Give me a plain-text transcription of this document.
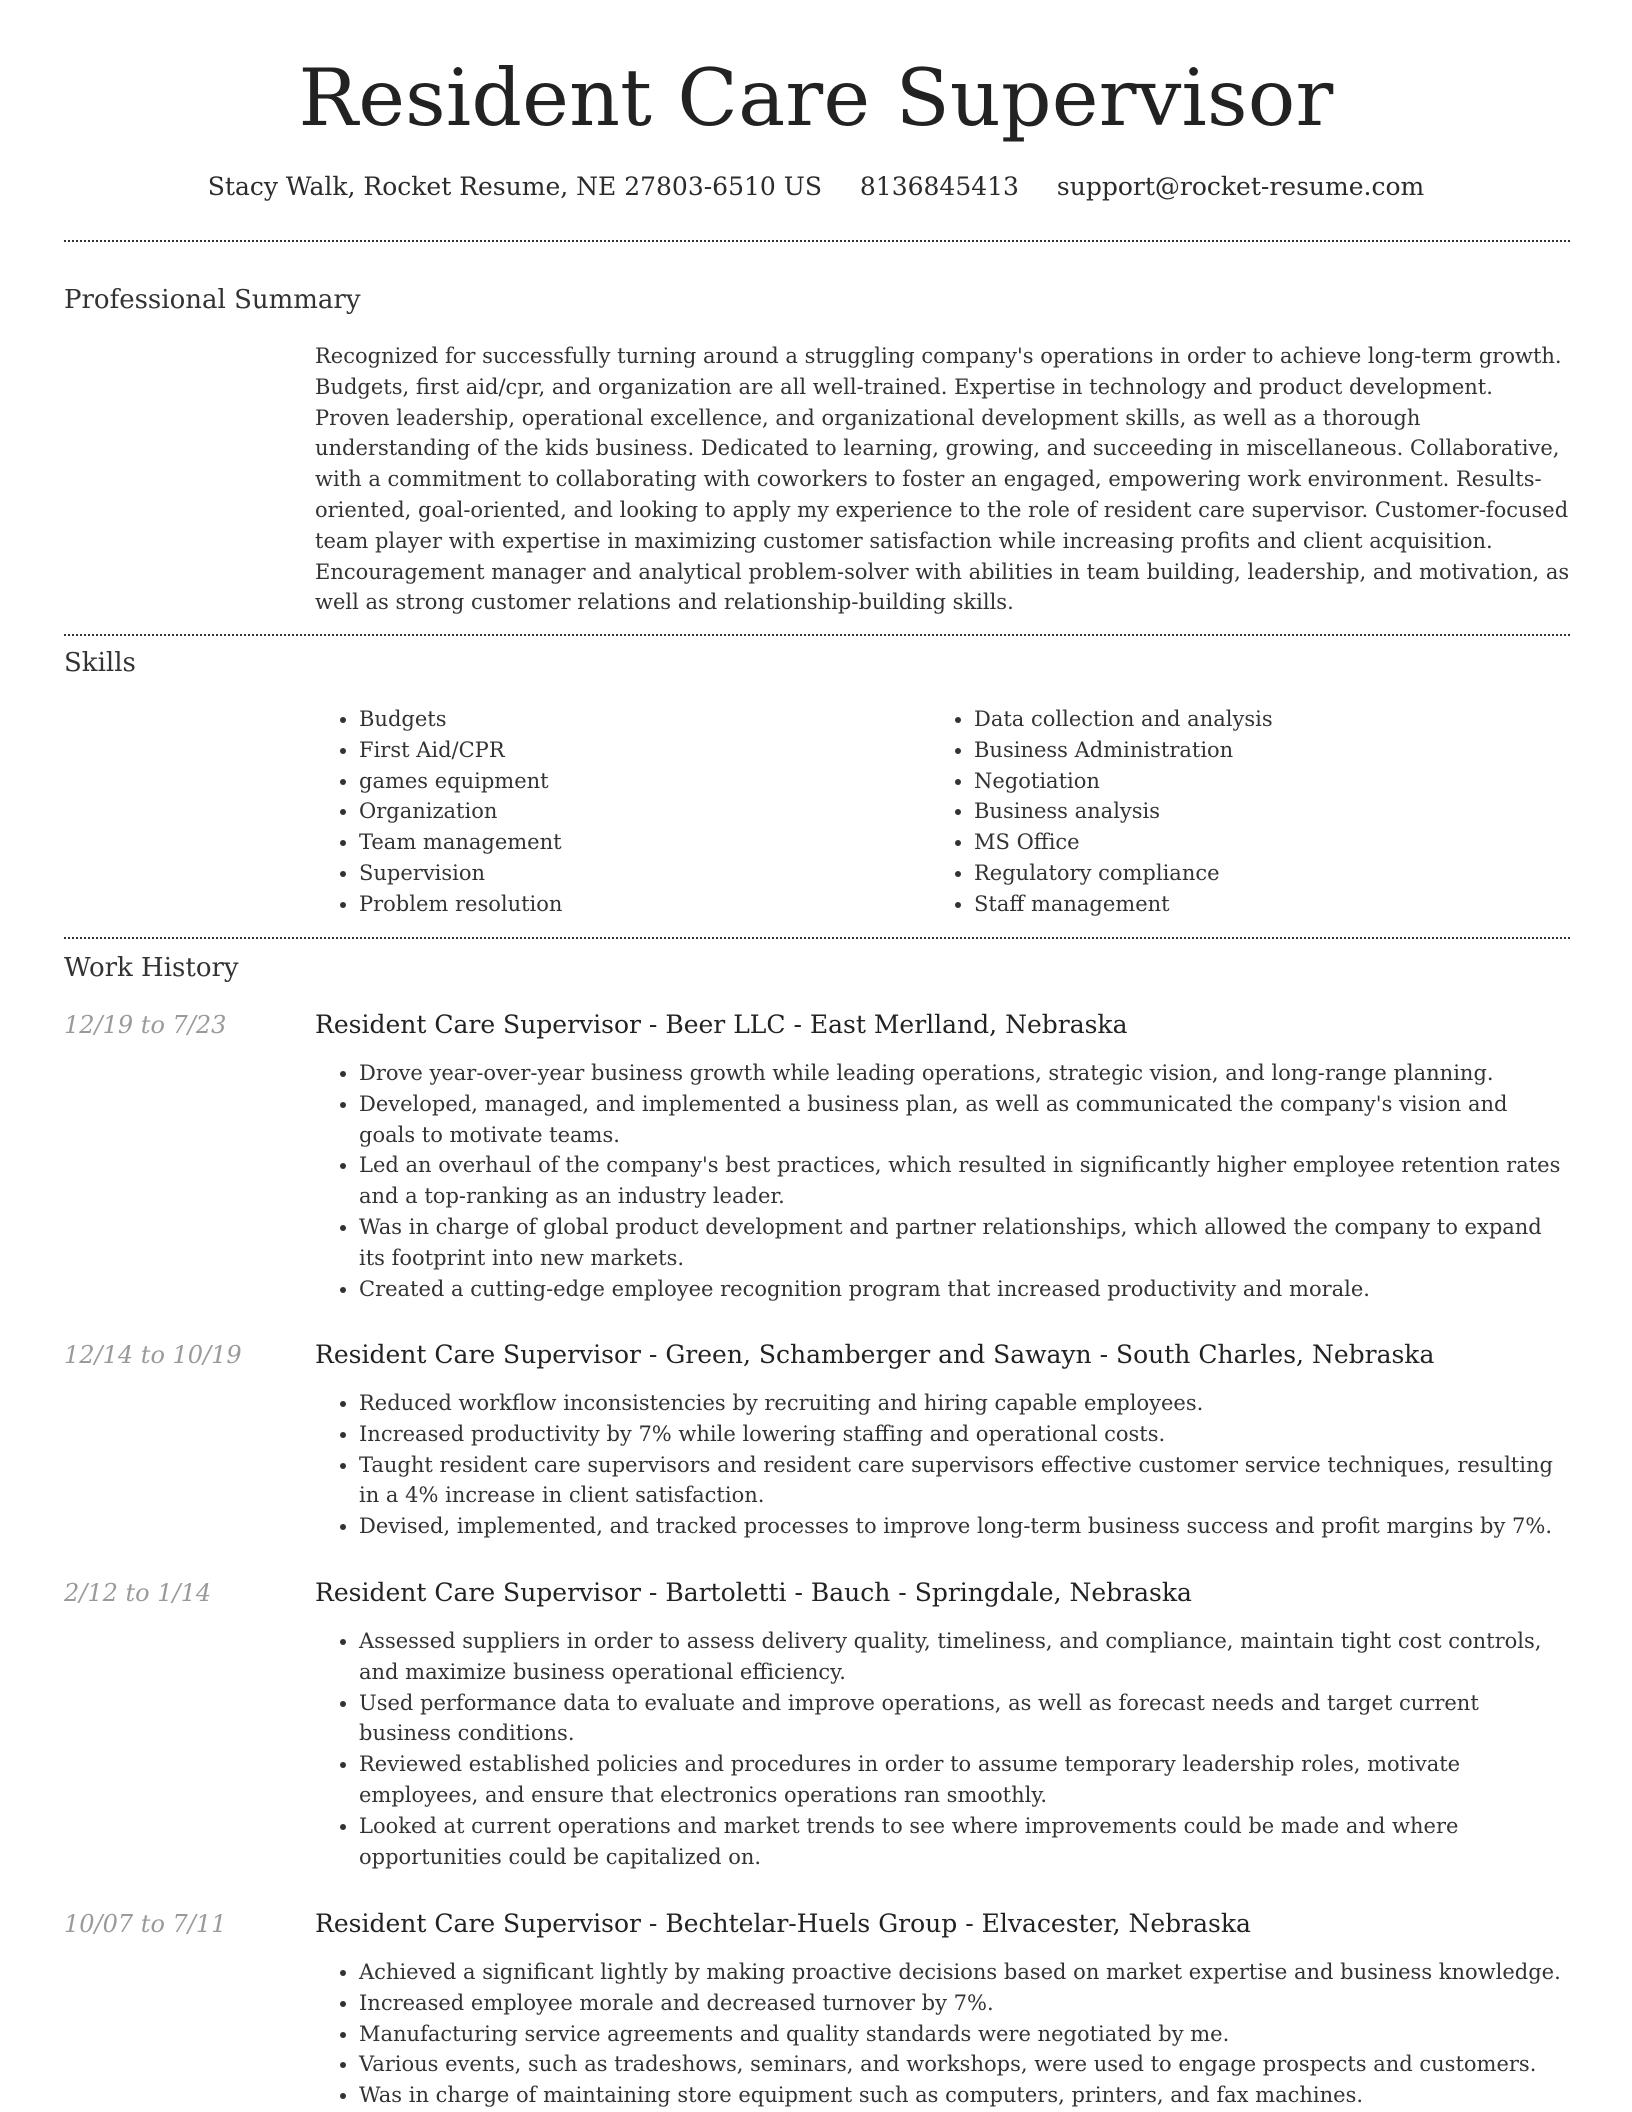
Resident Care Supervisor
Stacy Walk, Rocket Resume, NE 27803-6510 US 8136845413 support@rocket-resume.com
Professional Summary

Recognized for successfully turning around a struggling company's operations in order to achieve long-term growth. Budgets, first aid/cpr, and organization are all well-trained. Expertise in technology and product development. Proven leadership, operational excellence, and organizational development skills, as well as a thorough understanding of the kids business. Dedicated to learning, growing, and succeeding in miscellaneous. Collaborative, with a commitment to collaborating with coworkers to foster an engaged, empowering work environment. Results-oriented, goal-oriented, and looking to apply my experience to the role of resident care supervisor. Customer-focused team player with expertise in maximizing customer satisfaction while increasing profits and client acquisition. Encouragement manager and analytical problem-solver with abilities in team building, leadership, and motivation, as well as strong customer relations and relationship-building skills.

Skills
• Budgets
• First Aid/CPR
• games equipment
• Organization
• Team management
• Supervision
• Problem resolution
• Data collection and analysis
• Business Administration
• Negotiation
• Business analysis
• MS Office
• Regulatory compliance
• Staff management
Work History
12/19 to 7/23	Resident Care Supervisor - Beer LLC - East Merlland, Nebraska
• Drove year-over-year business growth while leading operations, strategic vision, and long-range planning.
• Developed, managed, and implemented a business plan, as well as communicated the company's vision and goals to motivate teams.
• Led an overhaul of the company's best practices, which resulted in significantly higher employee retention rates and a top-ranking as an industry leader.
• Was in charge of global product development and partner relationships, which allowed the company to expand its footprint into new markets.
• Created a cutting-edge employee recognition program that increased productivity and morale.
12/14 to 10/19	Resident Care Supervisor - Green, Schamberger and Sawayn - South Charles, Nebraska
• Reduced workflow inconsistencies by recruiting and hiring capable employees.
• Increased productivity by 7% while lowering staffing and operational costs.
• Taught resident care supervisors and resident care supervisors effective customer service techniques, resulting in a 4% increase in client satisfaction.
• Devised, implemented, and tracked processes to improve long-term business success and profit margins by 7%.
2/12 to 1/14	Resident Care Supervisor - Bartoletti - Bauch - Springdale, Nebraska
• Assessed suppliers in order to assess delivery quality, timeliness, and compliance, maintain tight cost controls, and maximize business operational efficiency.
• Used performance data to evaluate and improve operations, as well as forecast needs and target current business conditions.
• Reviewed established policies and procedures in order to assume temporary leadership roles, motivate employees, and ensure that electronics operations ran smoothly.
• Looked at current operations and market trends to see where improvements could be made and where opportunities could be capitalized on.
10/07 to 7/11	Resident Care Supervisor - Bechtelar-Huels Group - Elvacester, Nebraska
• Achieved a significant lightly by making proactive decisions based on market expertise and business knowledge.
• Increased employee morale and decreased turnover by 7%.
• Manufacturing service agreements and quality standards were negotiated by me.
• Various events, such as tradeshows, seminars, and workshops, were used to engage prospects and customers.
• Was in charge of maintaining store equipment such as computers, printers, and fax machines.
